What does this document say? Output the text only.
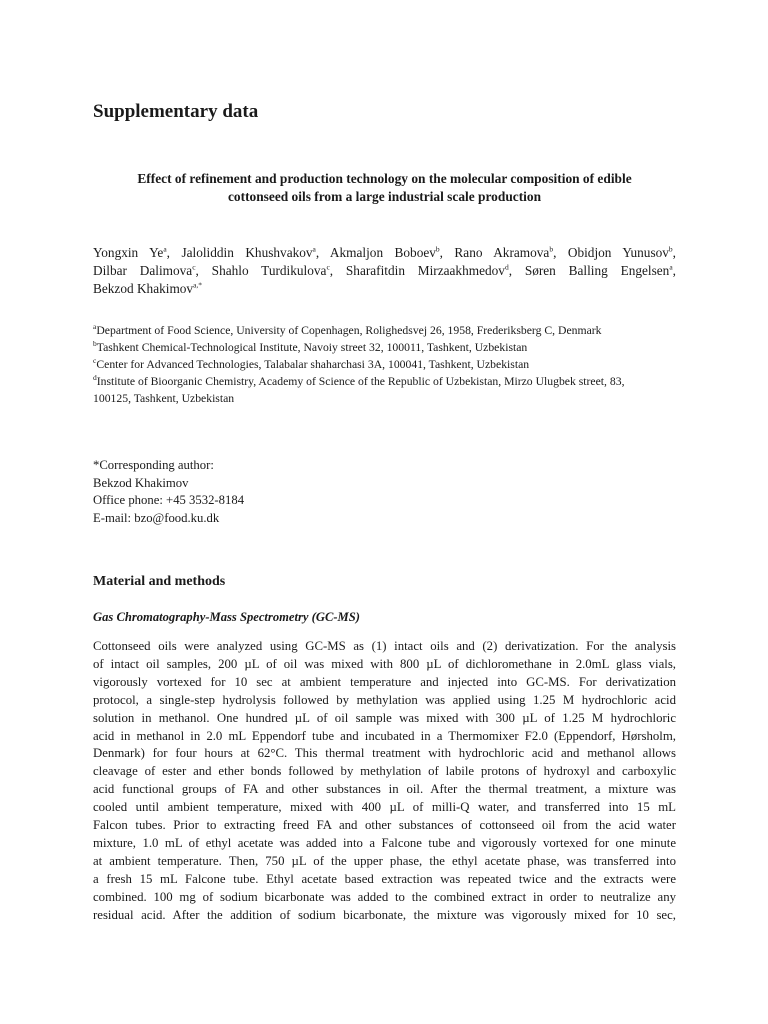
Supplementary data
Effect of refinement and production technology on the molecular composition of edible
cottonseed oils from a large industrial scale production
Yongxin Ye$^a$, Jaloliddin Khushvakov$^a$, Akmaljon Boboev$^b$, Rano Akramova$^b$, Obidjon Yunusov$^b$,
Dilbar Dalimova$^c$, Shahlo Turdikulova$^c$, Sharafitdin Mirzaakhmedov$^d$, Søren Balling Engelsen$^a$,
Bekzod Khakimov$^{a,*}$
$^a$Department of Food Science, University of Copenhagen, Rolighedsvej 26, 1958, Frederiksberg C, Denmark
$^b$Tashkent Chemical-Technological Institute, Navoiy street 32, 100011, Tashkent, Uzbekistan
$^c$Center for Advanced Technologies, Talabalar shaharchasi 3A, 100041, Tashkent, Uzbekistan
$^d$Institute of Bioorganic Chemistry, Academy of Science of the Republic of Uzbekistan, Mirzo Ulugbek street, 83,
100125, Tashkent, Uzbekistan
*Corresponding author:
Bekzod Khakimov
Office phone: +45 3532-8184
E-mail: bzo@food.ku.dk
Material and methods
Gas Chromatography-Mass Spectrometry (GC-MS)
Cottonseed oils were analyzed using GC-MS as (1) intact oils and (2) derivatization. For the analysis
of intact oil samples, 200 µL of oil was mixed with 800 µL of dichloromethane in 2.0mL glass vials,
vigorously vortexed for 10 sec at ambient temperature and injected into GC-MS. For derivatization
protocol, a single-step hydrolysis followed by methylation was applied using 1.25 M hydrochloric acid
solution in methanol. One hundred µL of oil sample was mixed with 300 µL of 1.25 M hydrochloric
acid in methanol in 2.0 mL Eppendorf tube and incubated in a Thermomixer F2.0 (Eppendorf, Hørsholm,
Denmark) for four hours at 62°C. This thermal treatment with hydrochloric acid and methanol allows
cleavage of ester and ether bonds followed by methylation of labile protons of hydroxyl and carboxylic
acid functional groups of FA and other substances in oil. After the thermal treatment, a mixture was
cooled until ambient temperature, mixed with 400 µL of milli-Q water, and transferred into 15 mL
Falcon tubes. Prior to extracting freed FA and other substances of cottonseed oil from the acid water
mixture, 1.0 mL of ethyl acetate was added into a Falcone tube and vigorously vortexed for one minute
at ambient temperature. Then, 750 µL of the upper phase, the ethyl acetate phase, was transferred into
a fresh 15 mL Falcone tube. Ethyl acetate based extraction was repeated twice and the extracts were
combined. 100 mg of sodium bicarbonate was added to the combined extract in order to neutralize any
residual acid. After the addition of sodium bicarbonate, the mixture was vigorously mixed for 10 sec,
